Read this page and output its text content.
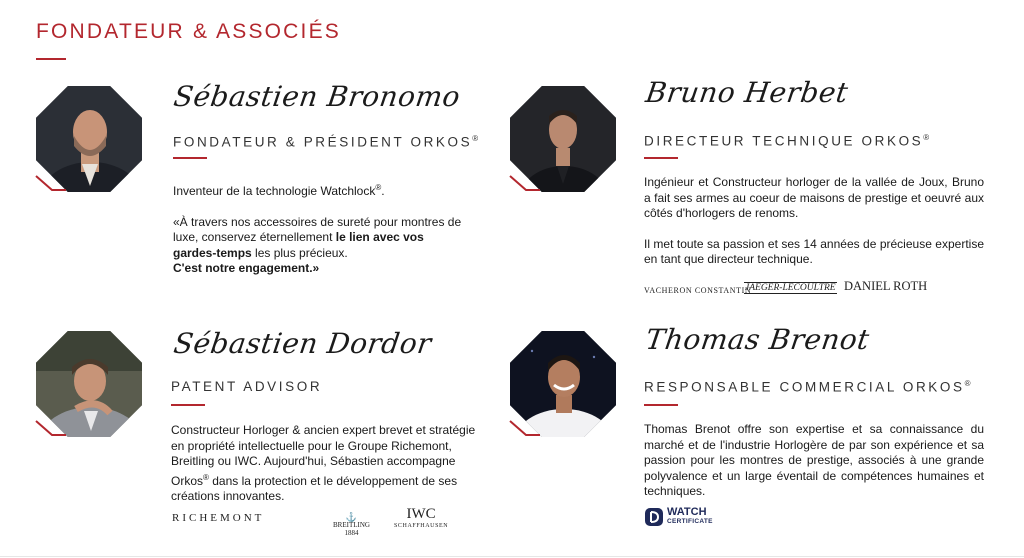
FONDATEUR & ASSOCIÉS
Sébastien Bronomo
FONDATEUR & PRÉSIDENT ORKOS®

Inventeur de la technologie Watchlock®.

«À travers nos accessoires de sureté pour montres de luxe, conservez éternellement le lien avec vos gardes-temps les plus précieux.
C'est notre engagement.»

Bruno Herbet
DIRECTEUR TECHNIQUE ORKOS®

Ingénieur et Constructeur horloger de la vallée de Joux, Bruno a fait ses armes au coeur de maisons de prestige et oeuvré aux côtés d'horlogers de renoms.

Il met toute sa passion et ses 14 années de précieuse expertise en tant que directeur technique.

VACHERON CONSTANTIN
JAEGER-LECOULTRE DANIEL ROTH
Sébastien Dordor
PATENT ADVISOR

Constructeur Horloger & ancien expert brevet et stratégie en propriété intellectuelle pour le Groupe Richemont, Breitling ou IWC. Aujourd'hui, Sébastien accompagne Orkos® dans la protection et le développement de ses créations innovantes.

RICHEMONT	⚓
BREITLING
1884
IWC
SCHAFFHAUSEN
Thomas Brenot
RESPONSABLE COMMERCIAL ORKOS®
Thomas Brenot offre son expertise et sa connaissance du marché et de l'industrie Horlogère de par son expérience et sa passion pour les montres de prestige, associés à une grande polyvalence et un large éventail de compétences humaines et techniques.
WATCH
CERTIFICATE
